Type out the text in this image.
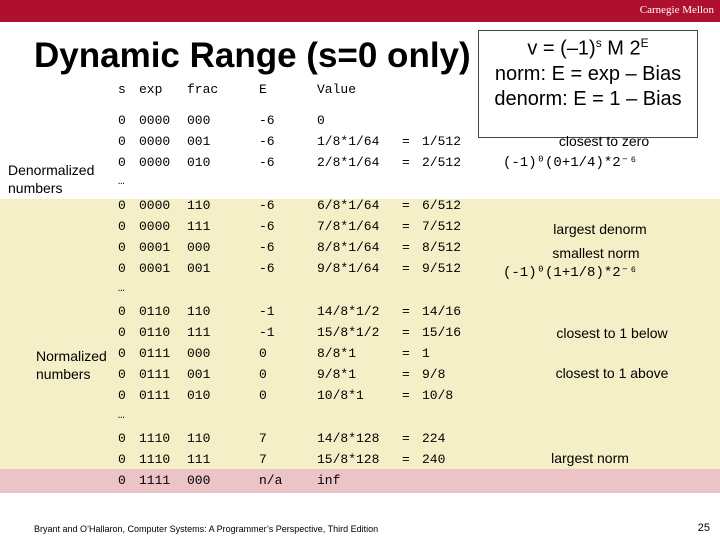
Carnegie Mellon
Dynamic Range (s=0 only)	$v = (-1)^s$ M $2^E$
norm: E = exp – Bias
denorm: E = 1 – Bias
s exp frac	E	Value
0 0000 000	-6	0
0 0000 001	-6	1/8*1/64 = 1/512
0 0000 010	-6	2/8*1/64 = 2/512
…
0 0000 110	-6	6/8*1/64 = 6/512
0 0000 111	-6	7/8*1/64 = 7/512
0 0001 000	-6	8/8*1/64 = 8/512
0 0001 001	-6	9/8*1/64 = 9/512
…
0 0110 110	-1	14/8*1/2 = 14/16
0 0110 111	-1	15/8*1/2 = 15/16
0 0111 000	0	8/8*1	= 1
0 0111 001	0	9/8*1	= 9/8
0 0111 010	0	10/8*1	= 10/8
…
0 1110 110	7	14/8*128 = 224
0 1110 111	7	15/8*128 = 240
0 1111 000	n/a	inf
Denormalized
numbers
Normalized
numbers
closest to zero
(-1)⁰(0+1/4)*2⁻⁶
largest denorm
smallest norm
(-1)⁰(1+1/8)*2⁻⁶
closest to 1 below
closest to 1 above
largest norm
Bryant and O’Hallaron, Computer Systems: A Programmer’s Perspective, Third Edition	25
